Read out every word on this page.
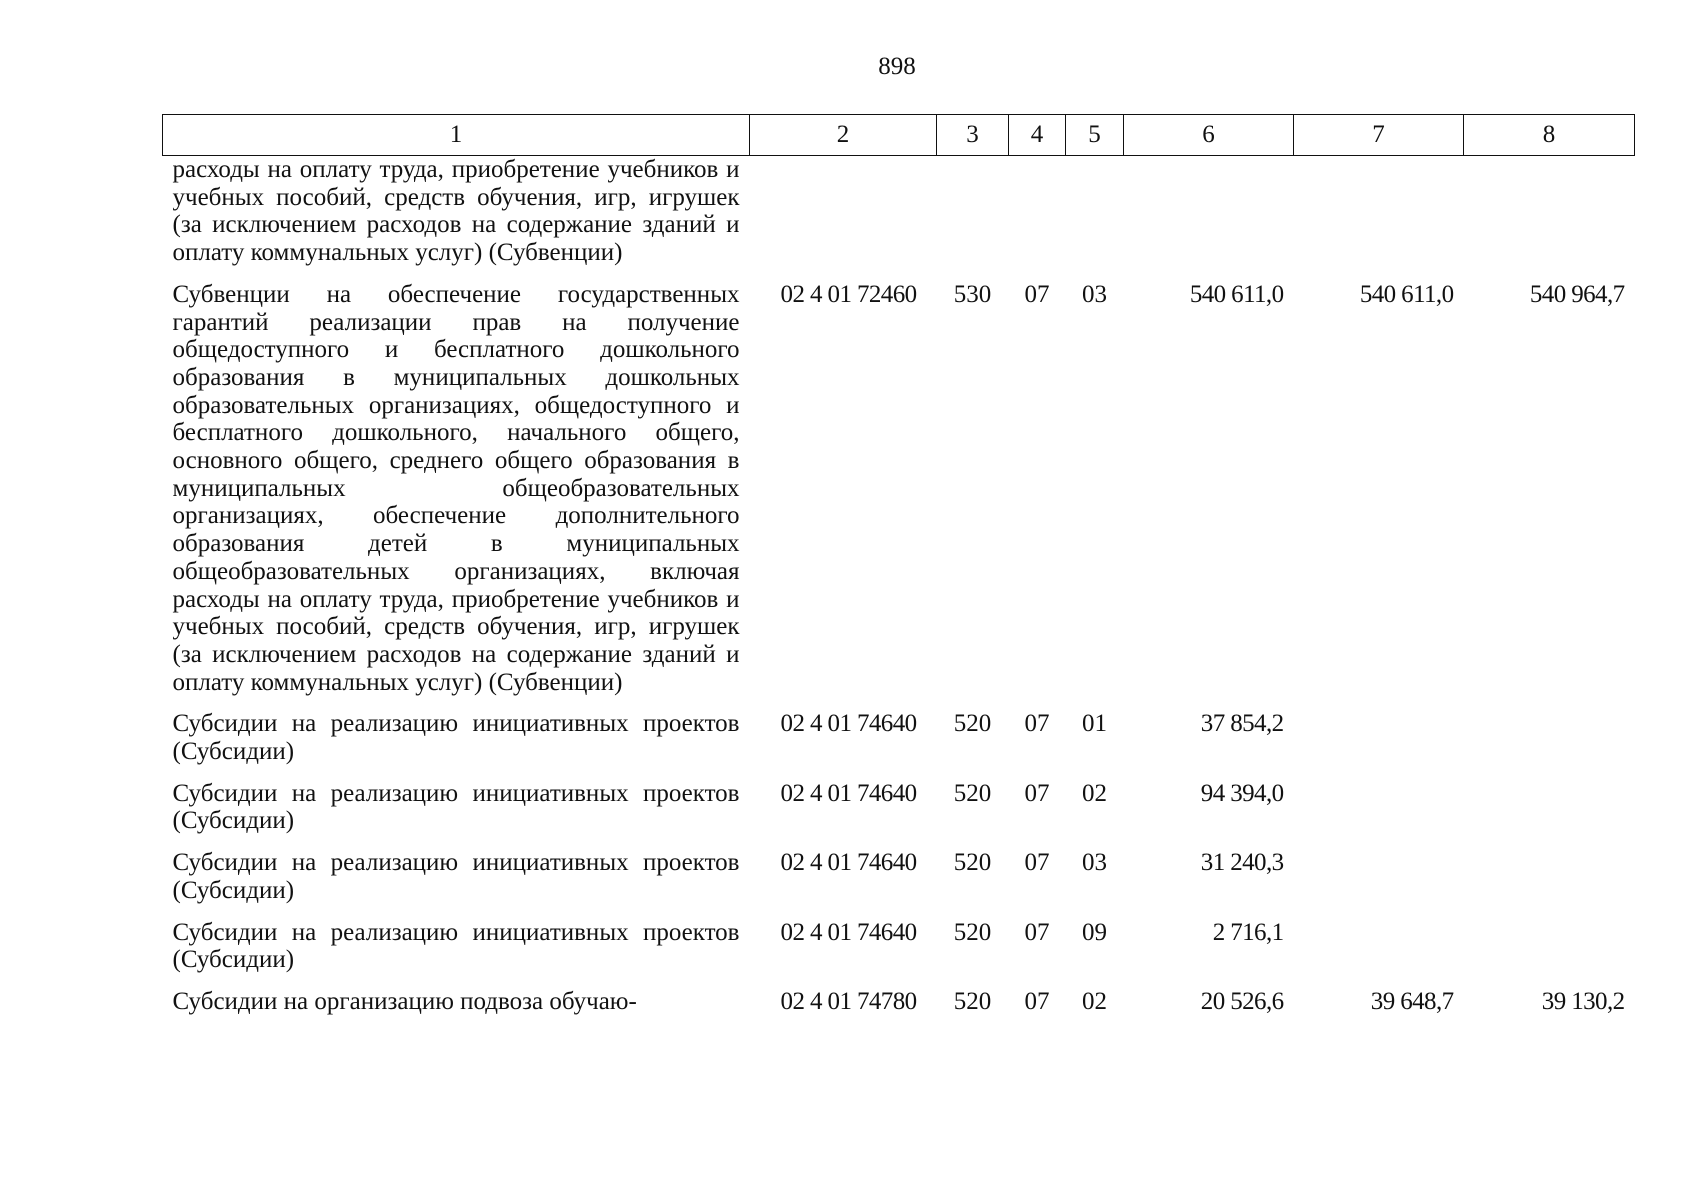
898
1	2	3	4	5	6	7	8
расходы на оплату труда, приобретение учебников и учебных пособий, средств обучения, игр, игрушек (за исключением расходов на содержание зданий и оплату коммунальных услуг) (Субвенции)							
Субвенции на обеспечение государственных гарантий реализации прав на получение общедоступного и бесплатного дошкольного образования в муниципальных дошкольных образовательных организациях, общедоступного и бесплатного дошкольного, начального общего, основного общего, среднего общего образования в муниципальных общеобразовательных организациях, обеспечение дополнительного образования детей в муниципальных общеобразовательных организациях, включая расходы на оплату труда, приобретение учебников и учебных пособий, средств обучения, игр, игрушек (за исключением расходов на содержание зданий и оплату коммунальных услуг) (Субвенции)	02 4 01 72460	530	07	03	540 611,0	540 611,0	540 964,7
Субсидии на реализацию инициативных проектов (Субсидии)	02 4 01 74640	520	07	01	37 854,2		
Субсидии на реализацию инициативных проектов (Субсидии)	02 4 01 74640	520	07	02	94 394,0		
Субсидии на реализацию инициативных проектов (Субсидии)	02 4 01 74640	520	07	03	31 240,3		
Субсидии на реализацию инициативных проектов (Субсидии)	02 4 01 74640	520	07	09	2 716,1		
Субсидии на организацию подвоза обучаю-	02 4 01 74780	520	07	02	20 526,6	39 648,7	39 130,2
